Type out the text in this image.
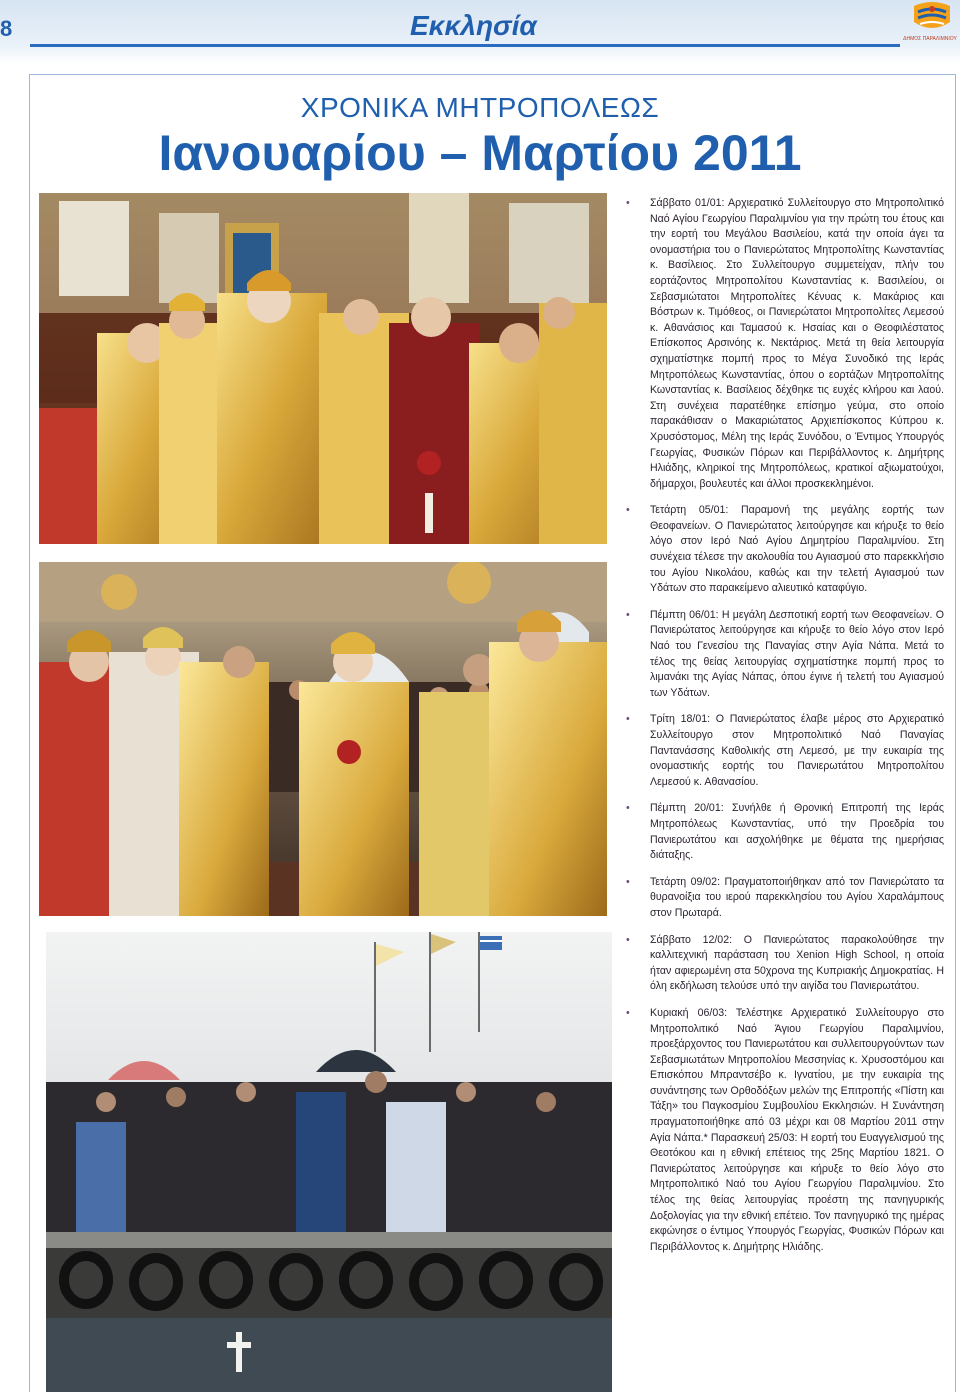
8	Εκκλησία	ΔΗΜΟΣ ΠΑΡΑΛΙΜΝΙΟΥ
ΧΡΟΝΙΚΑ ΜΗΤΡΟΠΟΛΕΩΣ
Ιανουαρίου – Μαρτίου 2011
• Σάββατο 01/01: Αρχιερατικό Συλλείτουργο στο Μητροπολιτικό Ναό Αγίου Γεωργίου Παραλιμνίου για την πρώτη του έτους και την εορτή του Μεγάλου Βασιλείου, κατά την οποία άγει τα ονομαστήρια του ο Πανιερώτατος Μητροπολίτης Κωνσταντίας κ. Βασίλειος. Στο Συλλείτουργο συμμετείχαν, πλήν του εορτάζοντος Μητροπολίτου Κωνσταντίας κ. Βασιλείου, οι Σεβασμιώτατοι Μητροπολίτες Κένυας κ. Μακάριος και Βόστρων κ. Τιμόθεος, οι Πανιερώτατοι Μητροπολίτες Λεμεσού κ. Αθανάσιος και Ταμασού κ. Ησαίας και ο Θεοφιλέστατος Επίσκοπος Αρσινόης κ. Νεκτάριος. Μετά τη θεία λειτουργία σχηματίστηκε πομπή προς το Μέγα Συνοδικό της Ιεράς Μητροπόλεως Κωνσταντίας, όπου ο εορτάζων Μητροπολίτης Κωνσταντίας κ. Βασίλειος δέχθηκε τις ευχές κλήρου και λαού. Στη συνέχεια παρατέθηκε επίσημο γεύμα, στο οποίο παρακάθισαν ο Μακαριώτατος Αρχιεπίσκοπος Κύπρου κ. Χρυσόστομος, Μέλη της Ιεράς Συνόδου, ο Έντιμος Υπουργός Γεωργίας, Φυσικών Πόρων και Περιβάλλοντος κ. Δημήτρης Ηλιάδης, κληρικοί της Μητροπόλεως, κρατικοί αξιωματούχοι, δήμαρχοι, βουλευτές και άλλοι προσκεκλημένοι.
• Τετάρτη 05/01: Παραμονή της μεγάλης εορτής των Θεοφανείων. Ο Πανιερώτατος λειτούργησε και κήρυξε το θείο λόγο στον Ιερό Ναό Αγίου Δημητρίου Παραλιμνίου. Στη συνέχεια τέλεσε την ακολουθία του Αγιασμού στο παρεκκλήσιο του Αγίου Νικολάου, καθώς και την τελετή Αγιασμού των Υδάτων στο παρακείμενο αλιευτικό καταφύγιο.
• Πέμπτη 06/01: Η μεγάλη Δεσποτική εορτή των Θεοφανείων. Ο Πανιερώτατος λειτούργησε και κήρυξε το θείο λόγο στον Ιερό Ναό του Γενεσίου της Παναγίας στην Αγία Νάπα. Μετά το τέλος της θείας λειτουργίας σχηματίστηκε πομπή προς το λιμανάκι της Αγίας Νάπας, όπου έγινε ή τελετή του Αγιασμού των Υδάτων.
• Τρίτη 18/01: Ο Πανιερώτατος έλαβε μέρος στο Αρχιερατικό Συλλείτουργο στον Μητροπολιτικό Ναό Παναγίας Παντανάσσης Καθολικής στη Λεμεσό, με την ευκαιρία της ονομαστικής εορτής του Πανιερωτάτου Μητροπολίτου Λεμεσού κ. Αθανασίου.
• Πέμπτη 20/01: Συνήλθε ή Θρονική Επιτροπή της Ιεράς Μητροπόλεως Κωνσταντίας, υπό την Προεδρία του Πανιερωτάτου και ασχολήθηκε με θέματα της ημερήσιας διάταξης.
• Τετάρτη 09/02: Πραγματοποιήθηκαν από τον Πανιερώτατο τα θυρανοίξια του ιερού παρεκκλησίου του Αγίου Χαραλάμπους στον Πρωταρά.
• Σάββατο 12/02: Ο Πανιερώτατος παρακολούθησε την καλλιτεχνική παράσταση του Xenion High School, η οποία ήταν αφιερωμένη στα 50χρονα της Κυπριακής Δημοκρατίας. Η όλη εκδήλωση τελούσε υπό την αιγίδα του Πανιερωτάτου.
• Κυριακή 06/03: Τελέστηκε Αρχιερατικό Συλλείτουργο στο Μητροπολιτικό Ναό Άγιου Γεωργίου Παραλιμνίου, προεξάρχοντος του Πανιερωτάτου και συλλειτουργούντων των Σεβασμιωτάτων Μητροπολίου Μεσσηνίας κ. Χρυσοστόμου και Επισκόπου Μπραντσέβο κ. Ιγνατίου, με την ευκαιρία της συνάντησης των Ορθοδόξων μελών της Επιτροπής «Πίστη και Τάξη» του Παγκοσμίου Συμβουλίου Εκκλησιών. Η Συνάντηση πραγματοποιήθηκε από 03 μέχρι και 08 Μαρτίου 2011 στην Αγία Νάπα.* Παρασκευή 25/03: Η εορτή του Ευαγγελισμού της Θεοτόκου και η εθνική επέτειος της 25ης Μαρτίου 1821. Ο Πανιερώτατος λειτούργησε και κήρυξε το θείο λόγο στο Μητροπολιτικό Ναό του Αγίου Γεωργίου Παραλιμνίου. Στο τέλος της θείας λειτουργίας προέστη της πανηγυρικής Δοξολογίας για την εθνική επέτειο. Τον πανηγυρικό της ημέρας εκφώνησε ο έντιμος Υπουργός Γεωργίας, Φυσικών Πόρων και Περιβάλλοντος κ. Δημήτρης Ηλιάδης.
